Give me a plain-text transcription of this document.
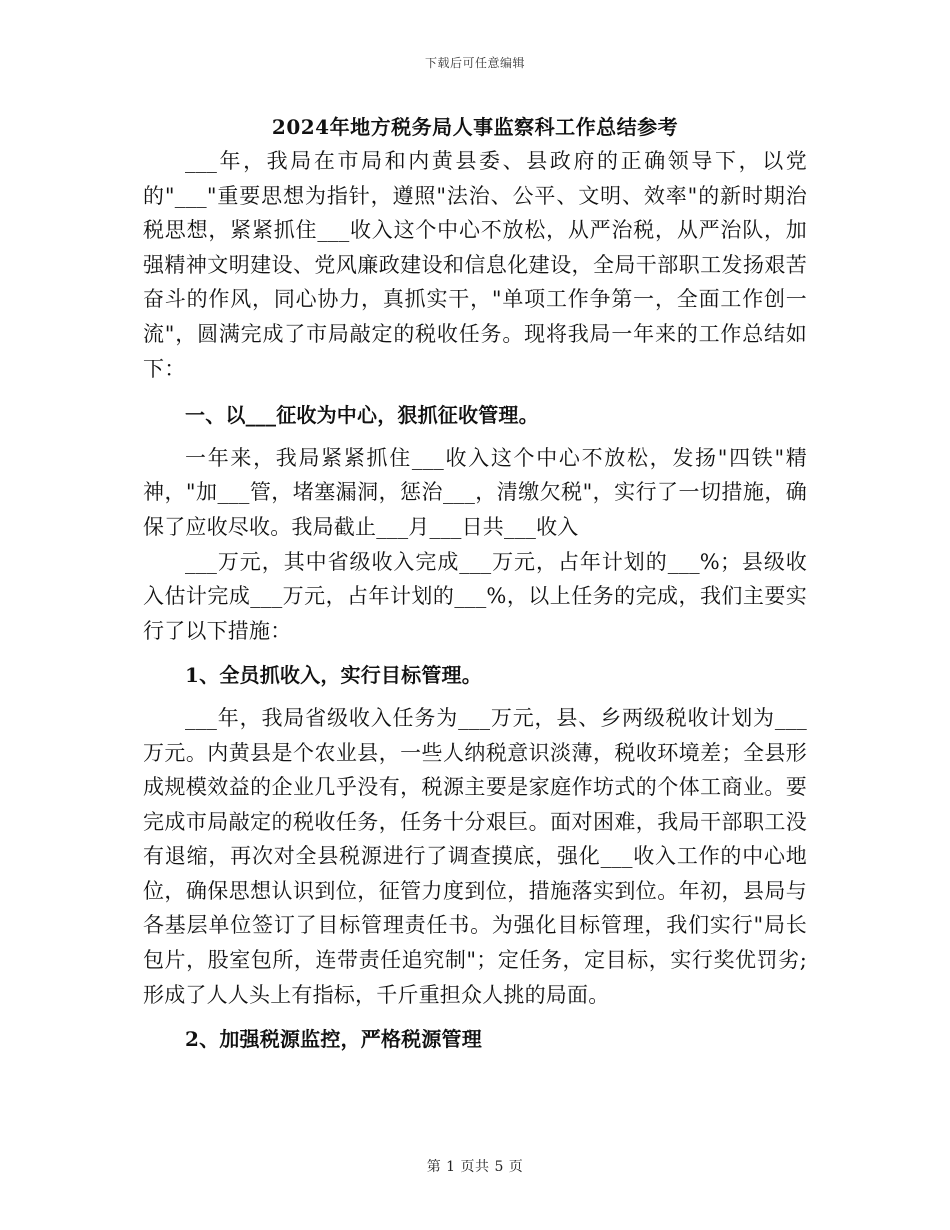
下载后可任意编辑
2024年地方税务局人事监察科工作总结参考

___年，我局在市局和内黄县委、县政府的正确领导下，以党的"___"重要思想为指针，遵照"法治、公平、文明、效率"的新时期治税思想，紧紧抓住___收入这个中心不放松，从严治税，从严治队，加强精神文明建设、党风廉政建设和信息化建设，全局干部职工发扬艰苦奋斗的作风，同心协力，真抓实干，"单项工作争第一，全面工作创一流"，圆满完成了市局敲定的税收任务。现将我局一年来的工作总结如下：

一、以___征收为中心，狠抓征收管理。

一年来，我局紧紧抓住___收入这个中心不放松，发扬"四铁"精神，"加___管，堵塞漏洞，惩治___，清缴欠税"，实行了一切措施，确保了应收尽收。我局截止___月___日共___收入

___万元，其中省级收入完成___万元，占年计划的___%；县级收入估计完成___万元，占年计划的___%，以上任务的完成，我们主要实行了以下措施：

1、全员抓收入，实行目标管理。

___年，我局省级收入任务为___万元，县、乡两级税收计划为___万元。内黄县是个农业县，一些人纳税意识淡薄，税收环境差；全县形成规模效益的企业几乎没有，税源主要是家庭作坊式的个体工商业。要完成市局敲定的税收任务，任务十分艰巨。面对困难，我局干部职工没有退缩，再次对全县税源进行了调查摸底，强化___收入工作的中心地位，确保思想认识到位，征管力度到位，措施落实到位。年初，县局与各基层单位签订了目标管理责任书。为强化目标管理，我们实行"局长包片，股室包所，连带责任追究制"；定任务，定目标，实行奖优罚劣;形成了人人头上有指标，千斤重担众人挑的局面。

2、加强税源监控，严格税源管理
第 1 页共 5 页
